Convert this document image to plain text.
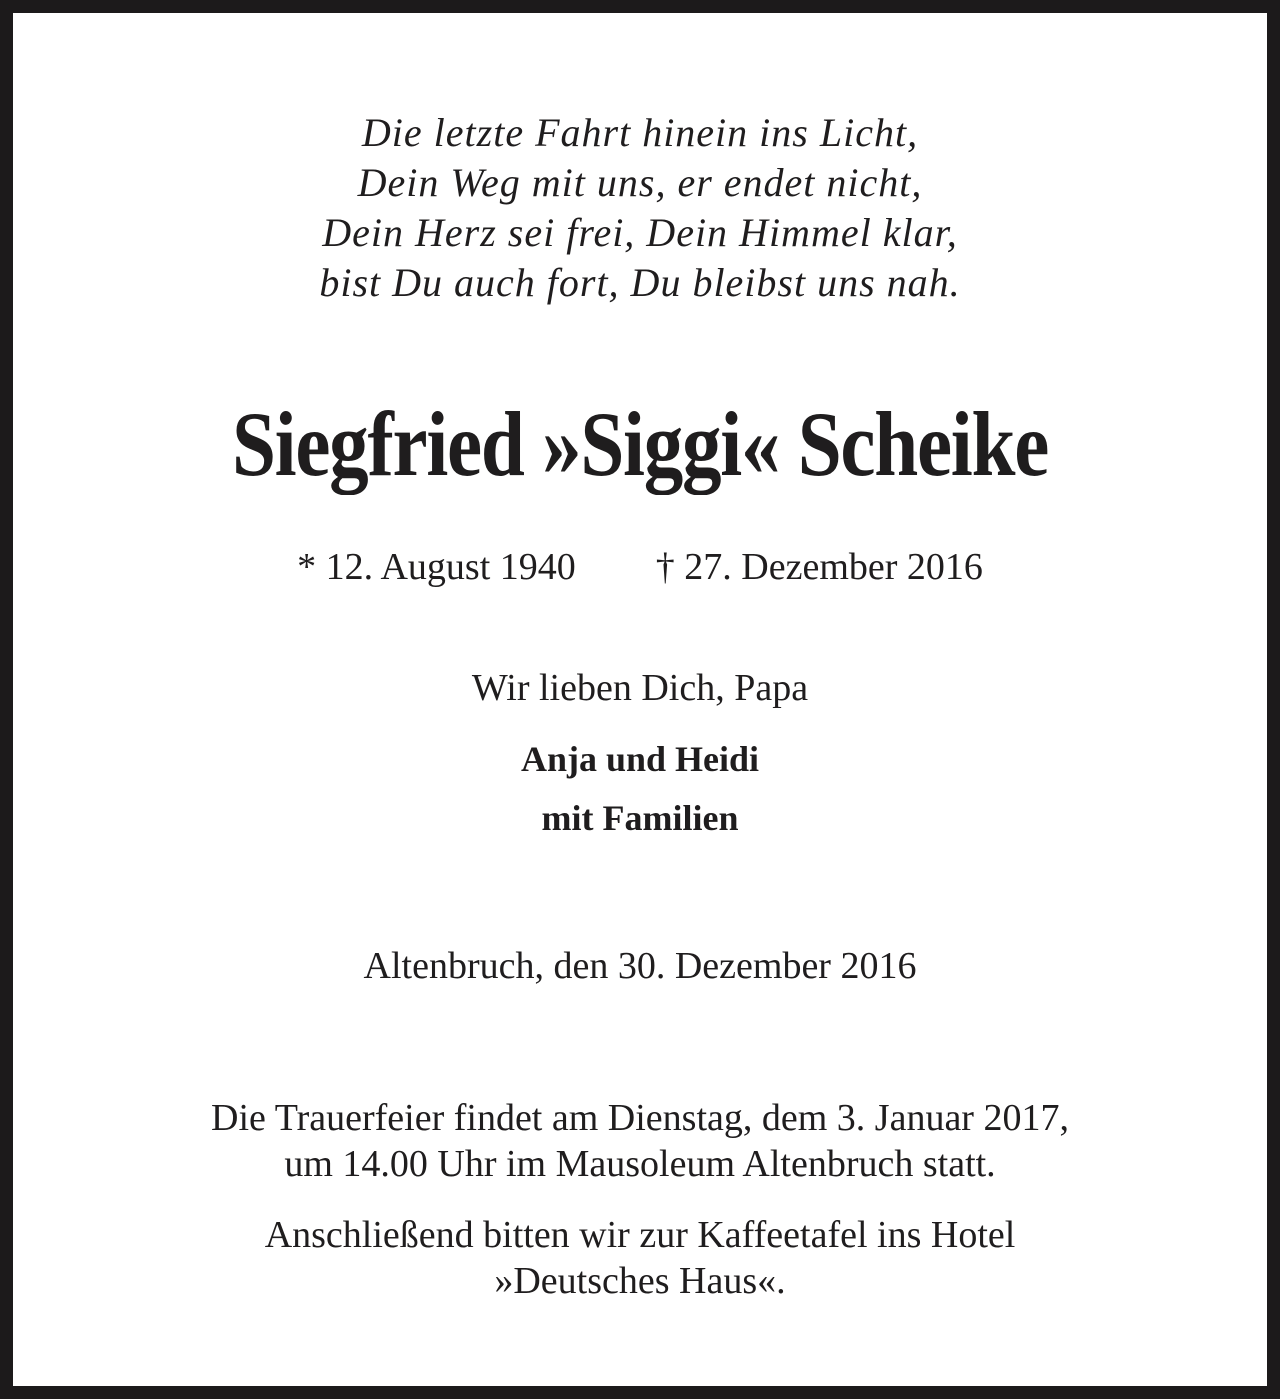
Die letzte Fahrt hinein ins Licht,
Dein Weg mit uns, er endet nicht,
Dein Herz sei frei, Dein Himmel klar,
bist Du auch fort, Du bleibst uns nah.
Siegfried »Siggi« Scheike
* 12. August 1940 † 27. Dezember 2016
Wir lieben Dich, Papa
Anja und Heidi
mit Familien
Altenbruch, den 30. Dezember 2016
Die Trauerfeier findet am Dienstag, dem 3. Januar 2017,
um 14.00 Uhr im Mausoleum Altenbruch statt.
Anschließend bitten wir zur Kaffeetafel ins Hotel
»Deutsches Haus«.
